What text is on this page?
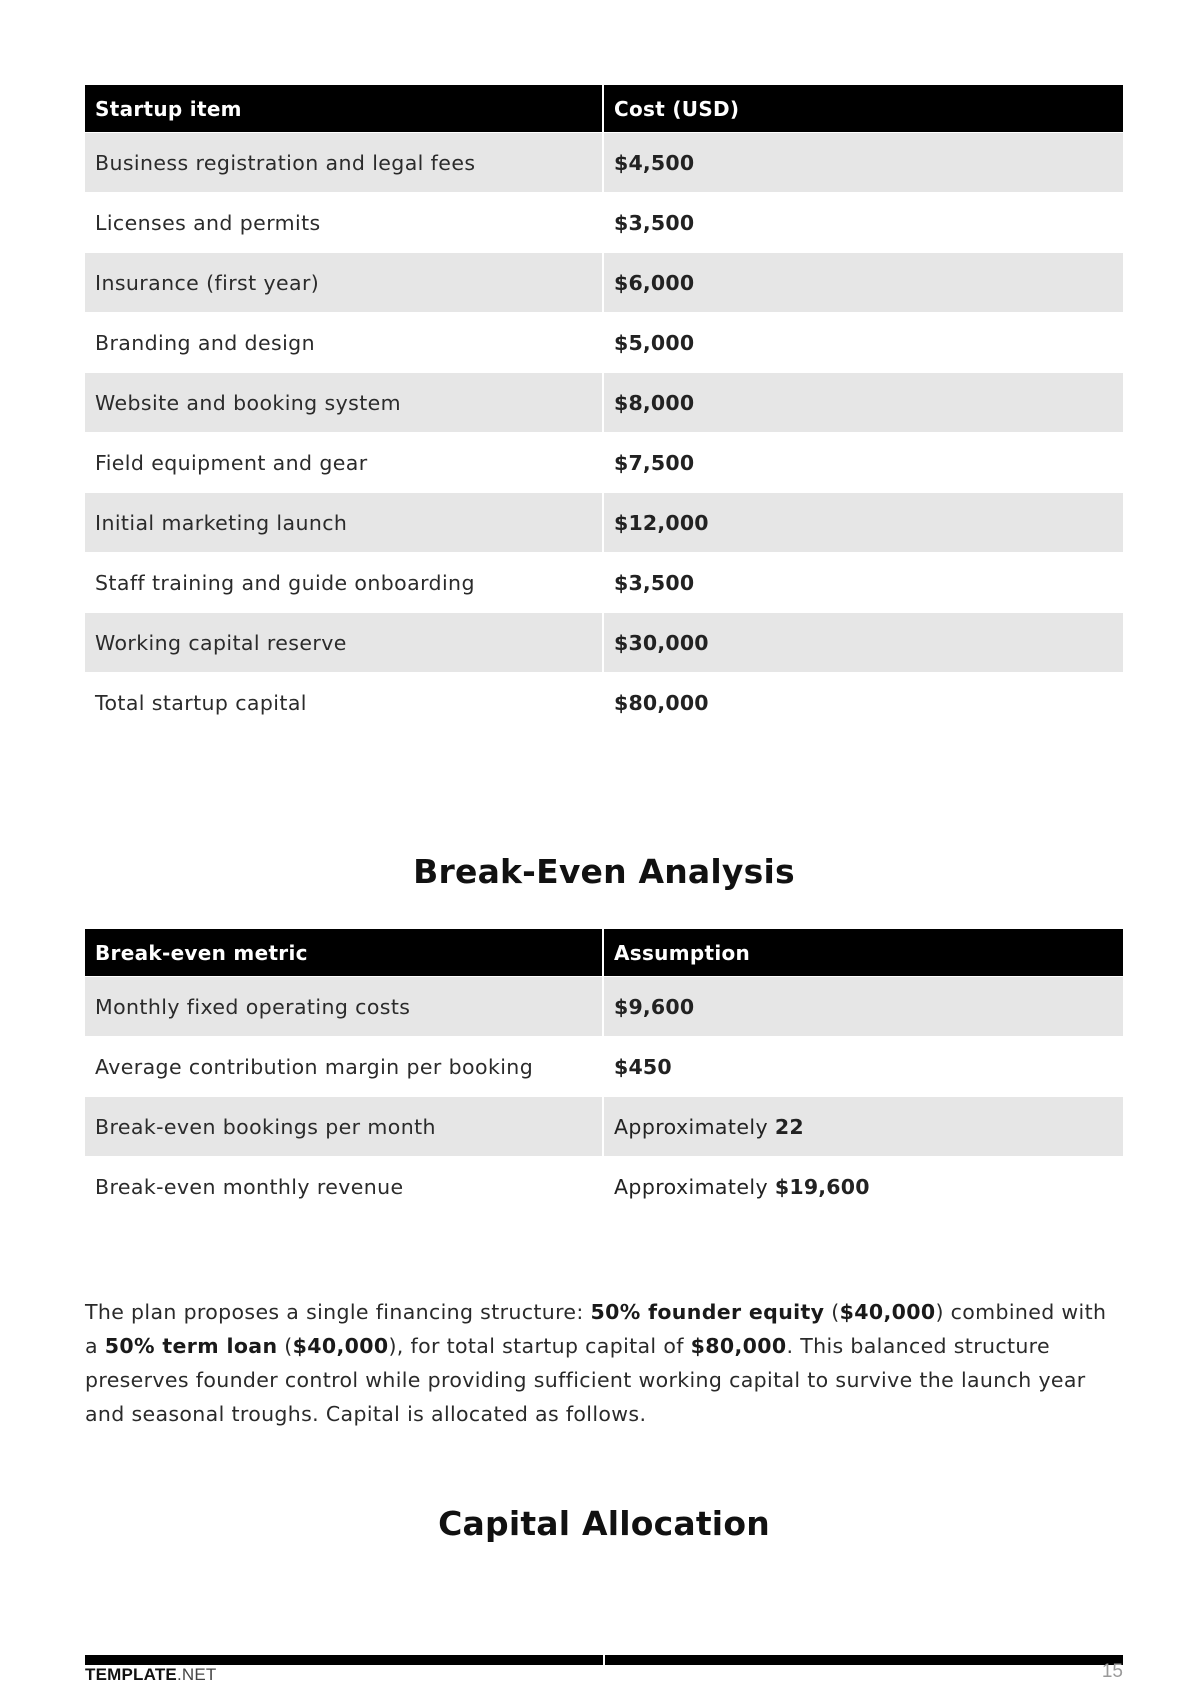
Startup item	Cost (USD)
Business registration and legal fees	$4,500
Licenses and permits	$3,500
Insurance (first year)	$6,000
Branding and design	$5,000
Website and booking system	$8,000
Field equipment and gear	$7,500
Initial marketing launch	$12,000
Staff training and guide onboarding	$3,500
Working capital reserve	$30,000
Total startup capital	$80,000
Break-Even Analysis
Break-even metric	Assumption
Monthly fixed operating costs	$9,600
Average contribution margin per booking	$450
Break-even bookings per month	Approximately 22
Break-even monthly revenue	Approximately $19,600

The plan proposes a single financing structure: 50% founder equity ($40,000) combined with a 50% term loan ($40,000), for total startup capital of $80,000. This balanced structure preserves founder control while providing sufficient working capital to survive the launch year and seasonal troughs. Capital is allocated as follows.

Capital Allocation
TEMPLATE.NET	15
